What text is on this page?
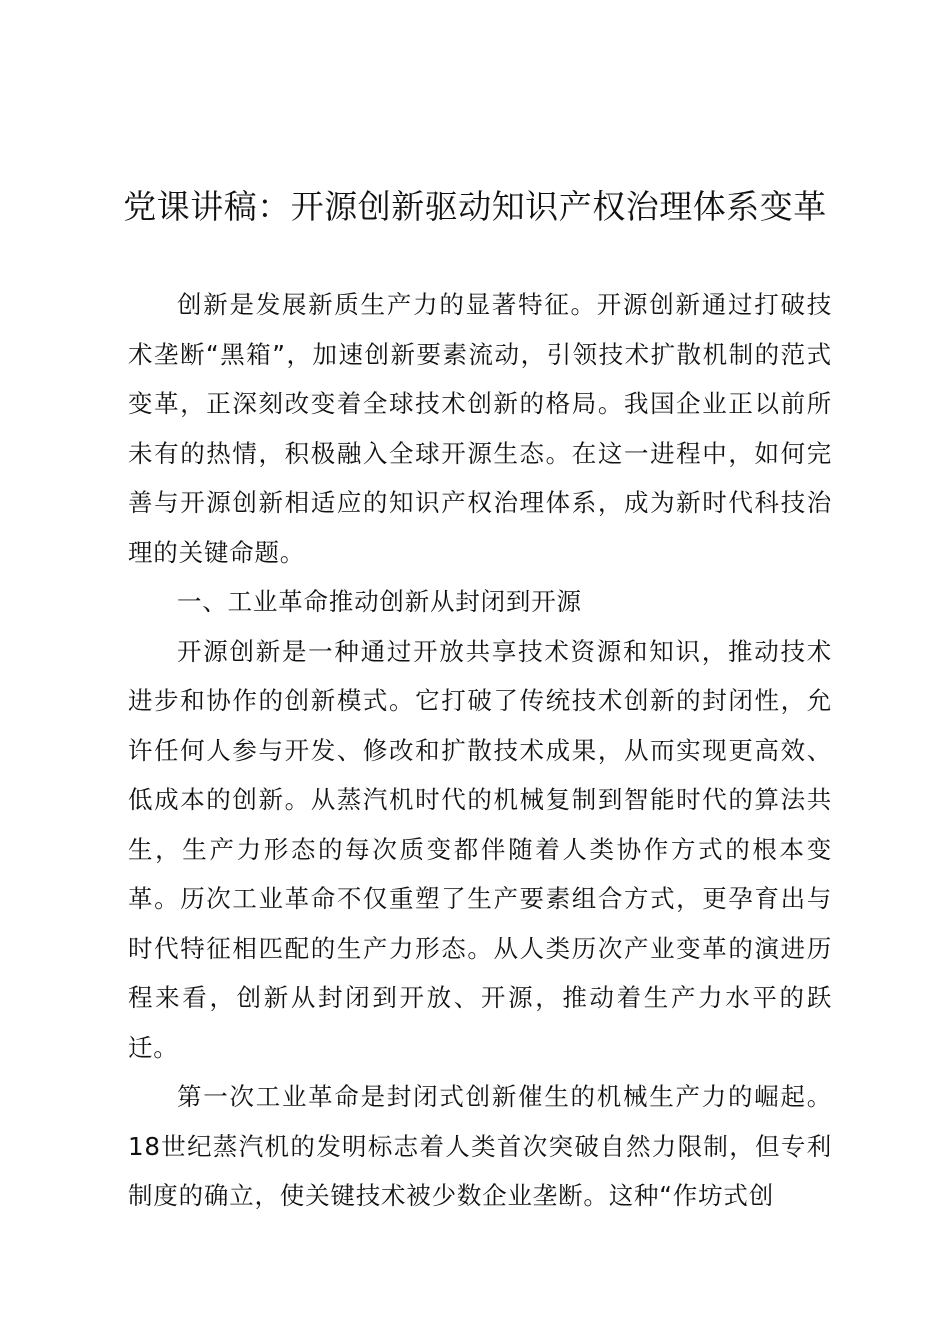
党课讲稿：开源创新驱动知识产权治理体系变革

创新是发展新质生产力的显著特征。开源创新通过打破技术垄断“黑箱”，加速创新要素流动，引领技术扩散机制的范式变革，正深刻改变着全球技术创新的格局。我国企业正以前所未有的热情，积极融入全球开源生态。在这一进程中，如何完善与开源创新相适应的知识产权治理体系，成为新时代科技治理的关键命题。

一、工业革命推动创新从封闭到开源

开源创新是一种通过开放共享技术资源和知识，推动技术进步和协作的创新模式。它打破了传统技术创新的封闭性，允许任何人参与开发、修改和扩散技术成果，从而实现更高效、低成本的创新。从蒸汽机时代的机械复制到智能时代的算法共生，生产力形态的每次质变都伴随着人类协作方式的根本变革。历次工业革命不仅重塑了生产要素组合方式，更孕育出与时代特征相匹配的生产力形态。从人类历次产业变革的演进历程来看，创新从封闭到开放、开源，推动着生产力水平的跃迁。

第一次工业革命是封闭式创新催生的机械生产力的崛起。18世纪蒸汽机的发明标志着人类首次突破自然力限制，但专利制度的确立，使关键技术被少数企业垄断。这种“作坊式创
